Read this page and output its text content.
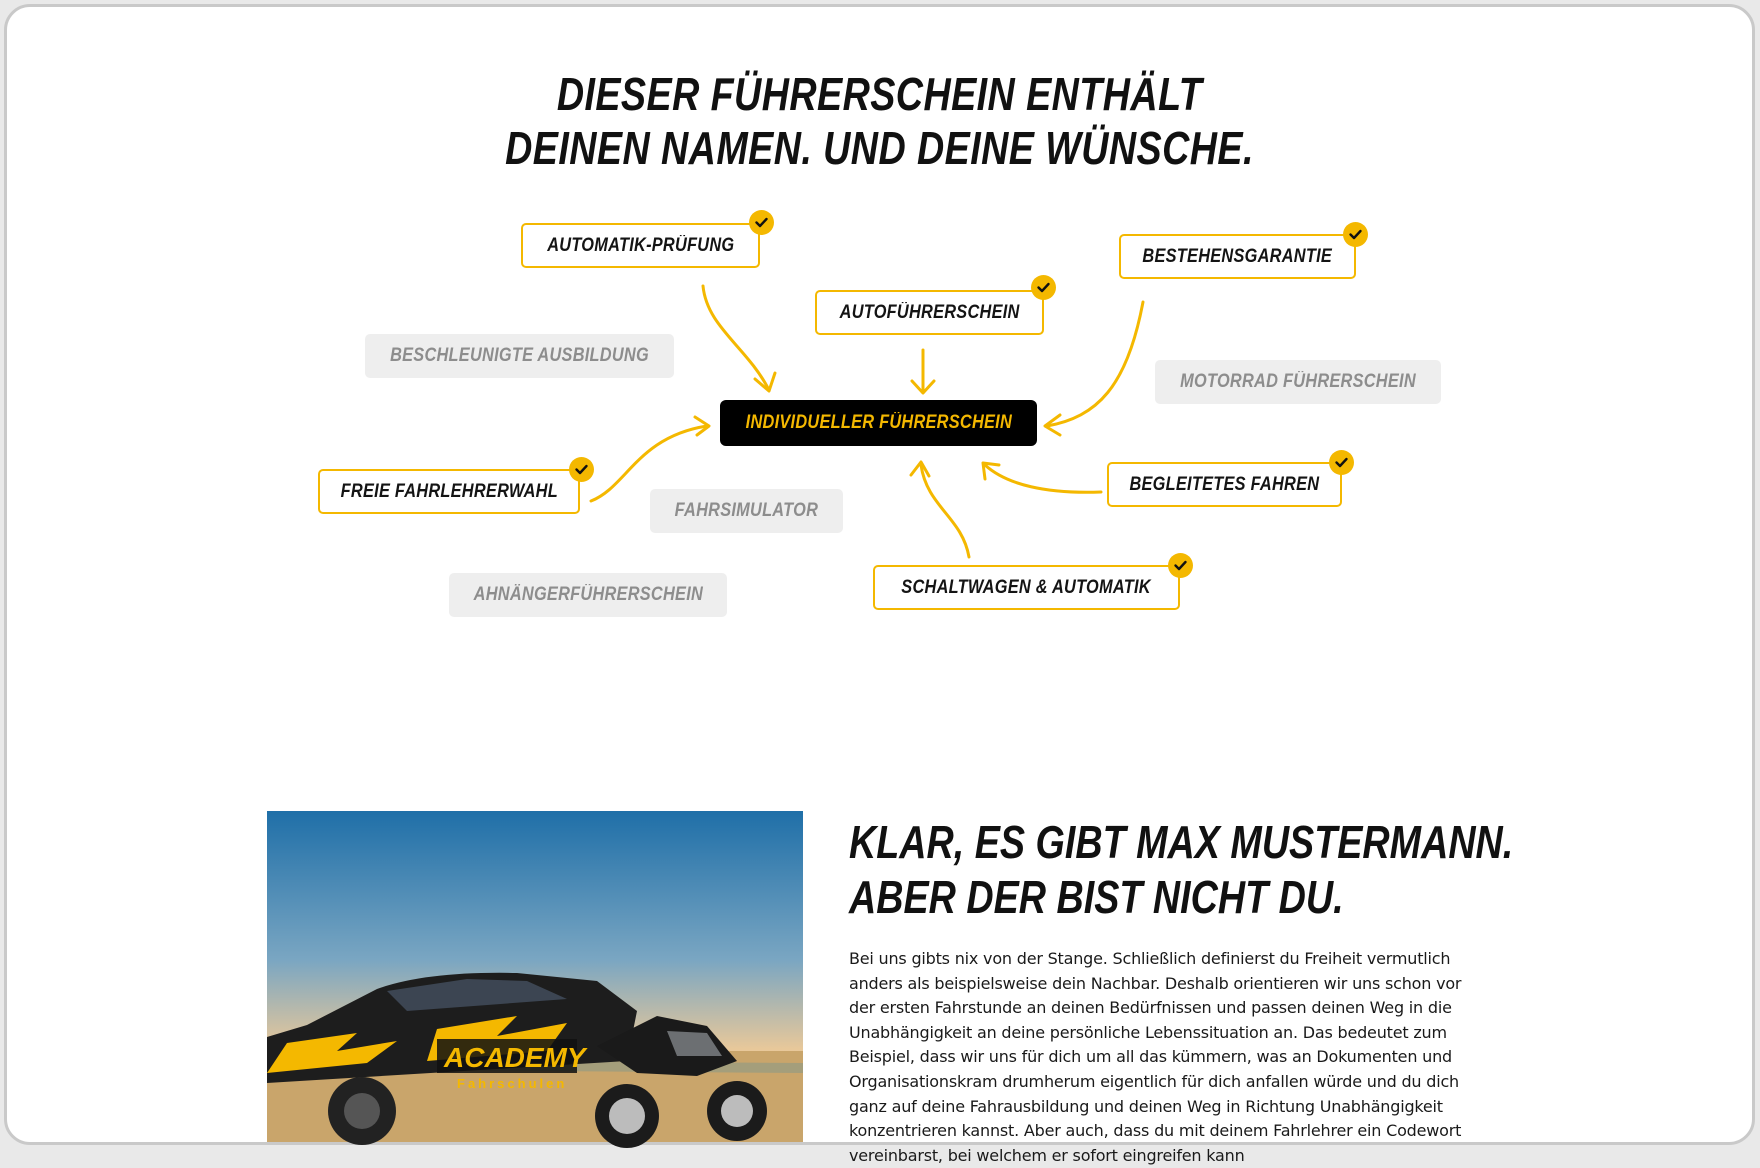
DIESER FÜHRERSCHEIN ENTHÄLT
DEINEN NAMEN. UND DEINE WÜNSCHE.
INDIVIDUELLER FÜHRERSCHEIN
AUTOMATIK-PRÜFUNG
AUTOFÜHRERSCHEIN
BESTEHENSGARANTIE
FREIE FAHRLEHRERWAHL	BEGLEITETES FAHREN
SCHALTWAGEN & AUTOMATIK
BESCHLEUNIGTE AUSBILDUNG
MOTORRAD FÜHRERSCHEIN
FAHRSIMULATOR
AHNÄNGERFÜHRERSCHEIN
ACADEMY
Fahrschulen
KLAR, ES GIBT MAX MUSTERMANN.
ABER DER BIST NICHT DU.

Bei uns gibts nix von der Stange. Schließlich definierst du Freiheit vermutlich anders als beispielsweise dein Nachbar. Deshalb orientieren wir uns schon vor der ersten Fahrstunde an deinen Bedürfnissen und passen deinen Weg in die Unabhängigkeit an deine persönliche Lebenssituation an. Das bedeutet zum Beispiel, dass wir uns für dich um all das kümmern, was an Dokumenten und Organisationskram drumherum eigentlich für dich anfallen würde und du dich ganz auf deine Fahrausbildung und deinen Weg in Richtung Unabhängigkeit konzentrieren kannst. Aber auch, dass du mit deinem Fahrlehrer ein Codewort vereinbarst, bei welchem er sofort eingreifen kann
